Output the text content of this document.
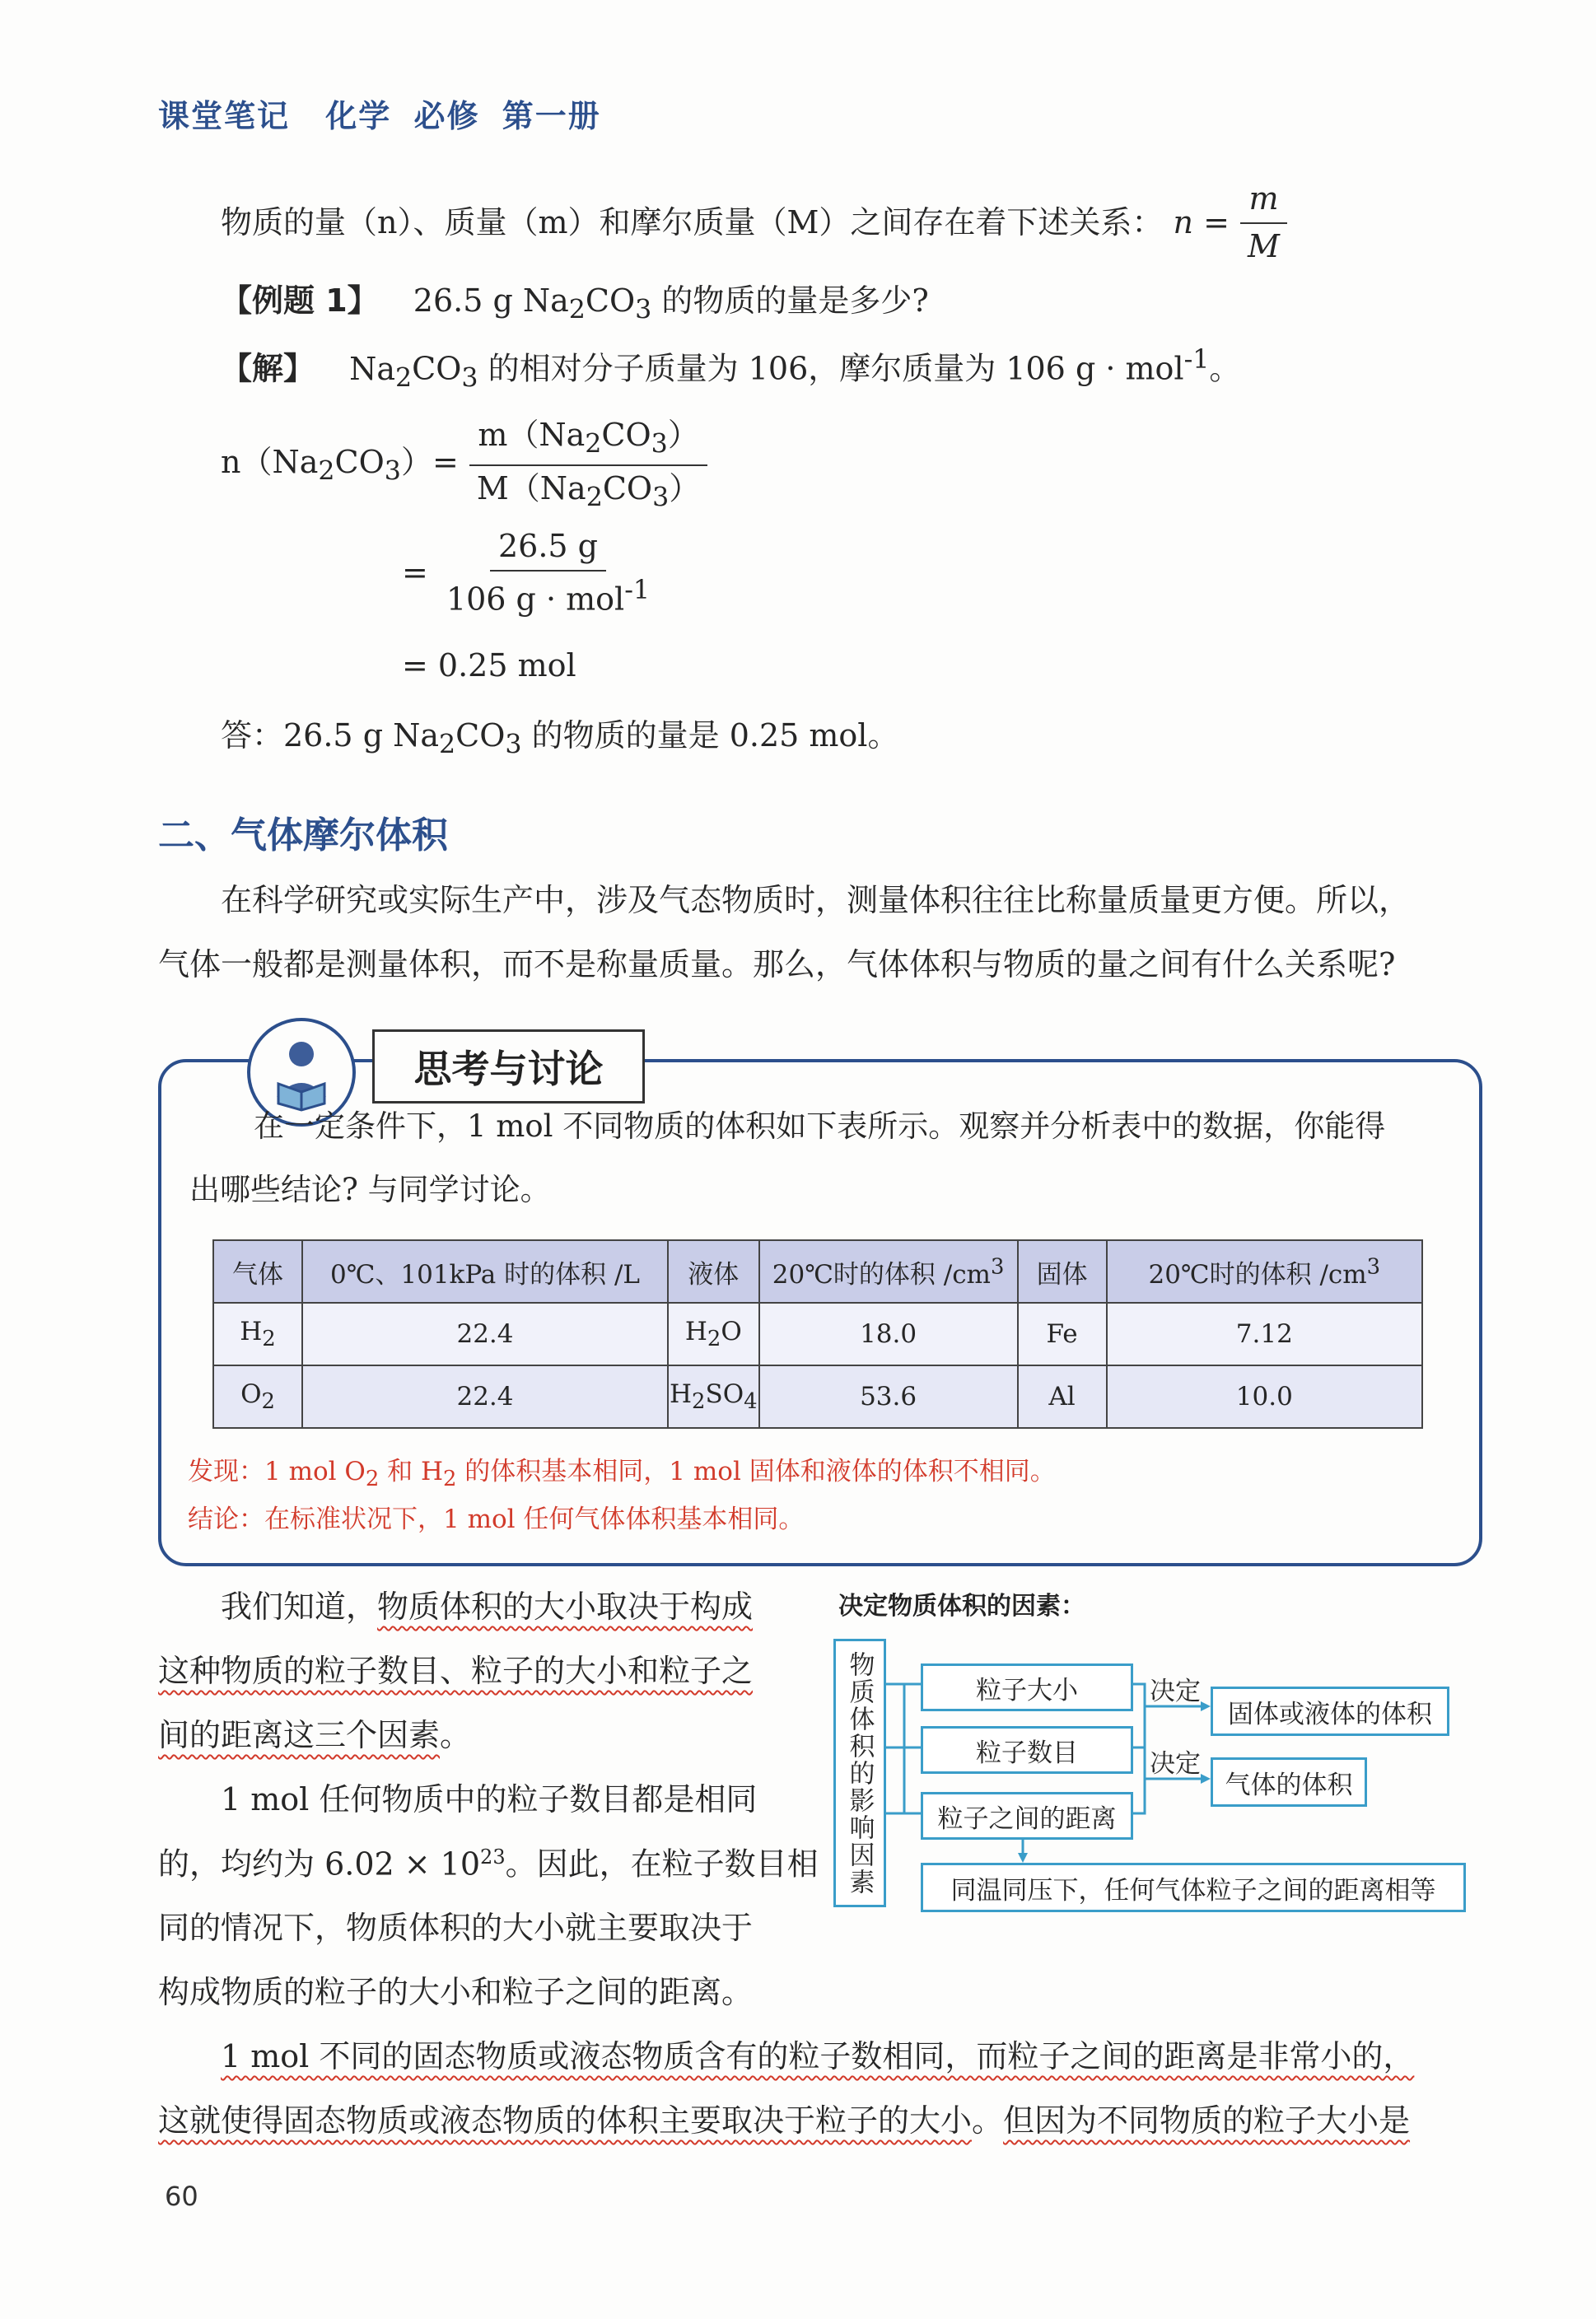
课堂笔记 化学 必修 第一册
物质的量（n）、质量（m）和摩尔质量（M）之间存在着下述关系： $n = \frac{m}{M}$
【例题 1】 26.5 g $Na_2CO_3$ 的物质的量是多少?
【解】 $Na_2CO_3$ 的相对分子质量为 106，摩尔质量为 106 g · mol$^{-1}$。
$n(Na_2CO_3)= \frac{m(Na_2CO_3)}{M(Na_2CO_3)}$
= $\frac{26.5 g}{106 g \cdot mol^{-1}}$
= 0.25 mol
答：26.5 g $Na_2CO_3$ 的物质的量是 0.25 mol。
二、气体摩尔体积
在科学研究或实际生产中，涉及气态物质时，测量体积往往比称量质量更方便。所以，
气体一般都是测量体积，而不是称量质量。那么，气体体积与物质的量之间有什么关系呢?
思考与讨论
在一定条件下，1 mol 不同物质的体积如下表所示。观察并分析表中的数据，你能得
出哪些结论? 与同学讨论。
气体	0℃、101kPa 时的体积 /L	液体	20℃时的体积 $/cm^3$	固体	20℃时的体积 $/cm^3$
$H_2$	22.4	$H_2O$	18.0	Fe	7.12
$O_2$	22.4	$H_2SO_4$	53.6	Al	10.0
发现：1 mol $O_2$ 和 $H_2$ 的体积基本相同，1 mol 固体和液体的体积不相同。
结论：在标准状况下，1 mol 任何气体体积基本相同。
我们知道，物质体积的大小取决于构成
这种物质的粒子数目、粒子的大小和粒子之
间的距离这三个因素。
1 mol 任何物质中的粒子数目都是相同
的，均约为 $6.02 \times 10^{23}$。因此，在粒子数目相
同的情况下，物质体积的大小就主要取决于
构成物质的粒子的大小和粒子之间的距离。
1 mol 不同的固态物质或液态物质含有的粒子数相同，而粒子之间的距离是非常小的，
这就使得固态物质或液态物质的体积主要取决于粒子的大小。但因为不同物质的粒子大小是
决定物质体积的因素：
物质体积的影响因素	粒子大小
粒子数目
粒子之间的距离
决定
决定
固体或液体的体积
气体的体积
同温同压下，任何气体粒子之间的距离相等
60
